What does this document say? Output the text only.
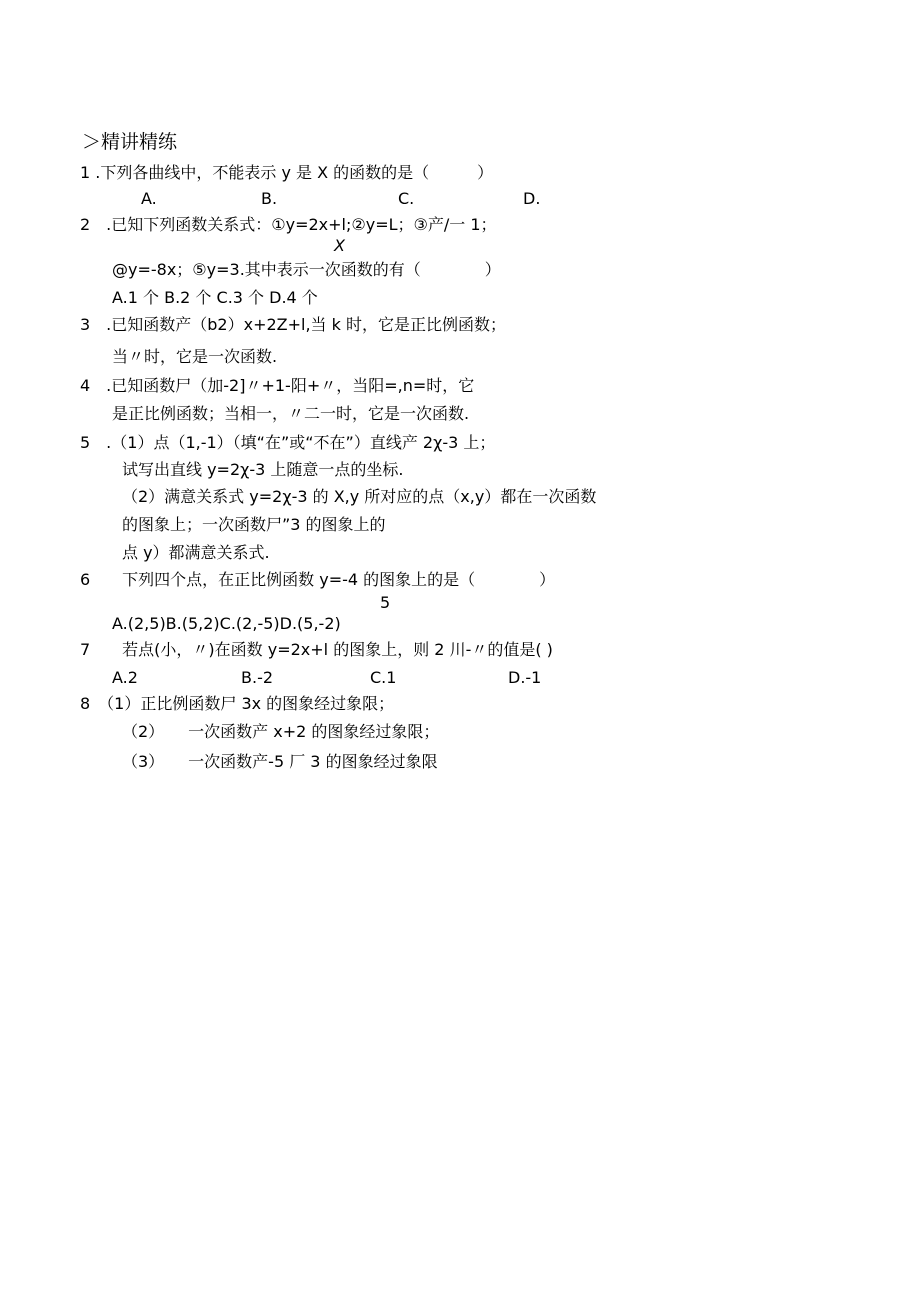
＞精讲精练
1 .下列各曲线中，不能表示 y 是 X 的函数的是（　　　）
A.	B.	C.	D.
2　.已知下列函数关系式：①y=2x+l;②y=L；③产/一 1；
X
@y=-8x；⑤y=3.其中表示一次函数的有（　　　　）
A.1 个 B.2 个 C.3 个 D.4 个
3　.已知函数产（b2）x+2Z+l,当 k 时，它是正比例函数；
当〃时，它是一次函数.
4　.已知函数尸（加-2]〃+1-阳+〃，当阳=,n=时，它
是正比例函数；当相一，〃二一时，它是一次函数.
5　.（1）点（1,-1）（填“在”或“不在”）直线产 2χ-3 上；
试写出直线 y=2χ-3 上随意一点的坐标.
（2）满意关系式 y=2χ-3 的 X,y 所对应的点（x,y）都在一次函数
的图象上；一次函数尸”3 的图象上的
点 y）都满意关系式.
6　　下列四个点，在正比例函数 y=-4 的图象上的是（　　　　）
5
A.(2,5)B.(5,2)C.(2,-5)D.(5,-2)
7　　若点(小，〃)在函数 y=2x+l 的图象上，则 2 川-〃的值是( )
A.2	B.-2	C.1	D.-1
8　（1）正比例函数尸 3x 的图象经过象限；
（2）　　一次函数产 x+2 的图象经过象限；
（3）　　一次函数产-5 厂 3 的图象经过象限
